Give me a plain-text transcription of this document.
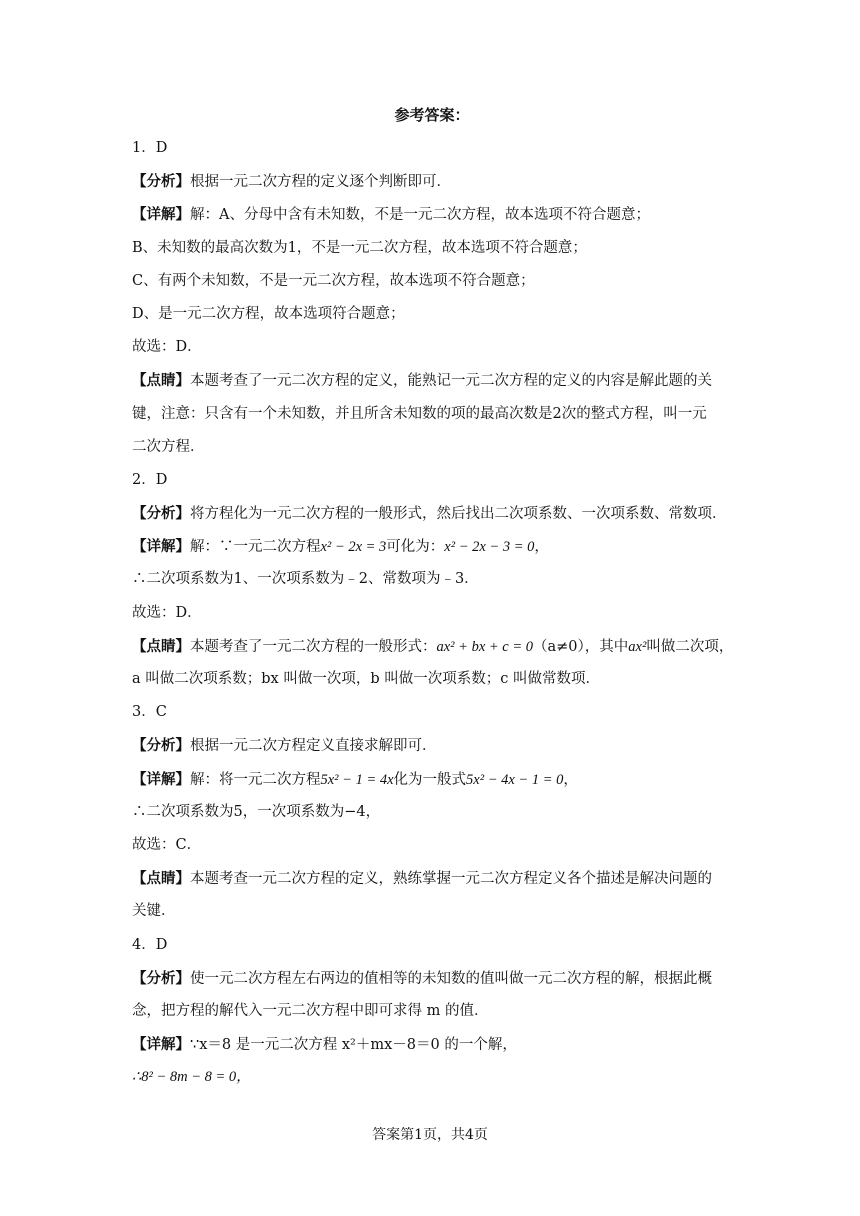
参考答案：
1．D
【分析】根据一元二次方程的定义逐个判断即可．
【详解】解：A、分母中含有未知数，不是一元二次方程，故本选项不符合题意；
B、未知数的最高次数为1，不是一元二次方程，故本选项不符合题意；
C、有两个未知数，不是一元二次方程，故本选项不符合题意；
D、是一元二次方程，故本选项符合题意；
故选：D．
【点睛】本题考查了一元二次方程的定义，能熟记一元二次方程的定义的内容是解此题的关
键，注意：只含有一个未知数，并且所含未知数的项的最高次数是2次的整式方程，叫一元
二次方程．
2．D
【分析】将方程化为一元二次方程的一般形式，然后找出二次项系数、一次项系数、常数项．
【详解】解：∵一元二次方程x² − 2x = 3可化为：x² − 2x − 3 = 0，
∴二次项系数为1、一次项系数为﹣2、常数项为﹣3．
故选：D．
【点睛】本题考查了一元二次方程的一般形式：ax² + bx + c = 0（a≠0），其中ax²叫做二次项，
a 叫做二次项系数；bx 叫做一次项，b 叫做一次项系数；c 叫做常数项．
3．C
【分析】根据一元二次方程定义直接求解即可．
【详解】解：将一元二次方程5x² − 1 = 4x化为一般式5x² − 4x − 1 = 0，
∴二次项系数为5，一次项系数为−4，
故选：C．
【点睛】本题考查一元二次方程的定义，熟练掌握一元二次方程定义各个描述是解决问题的
关键．
4．D
【分析】使一元二次方程左右两边的值相等的未知数的值叫做一元二次方程的解，根据此概
念，把方程的解代入一元二次方程中即可求得 m 的值．
【详解】∵x＝8 是一元二次方程 x²＋mx－8＝0 的一个解，
∴8² − 8m − 8 = 0，
答案第1页，共4页
